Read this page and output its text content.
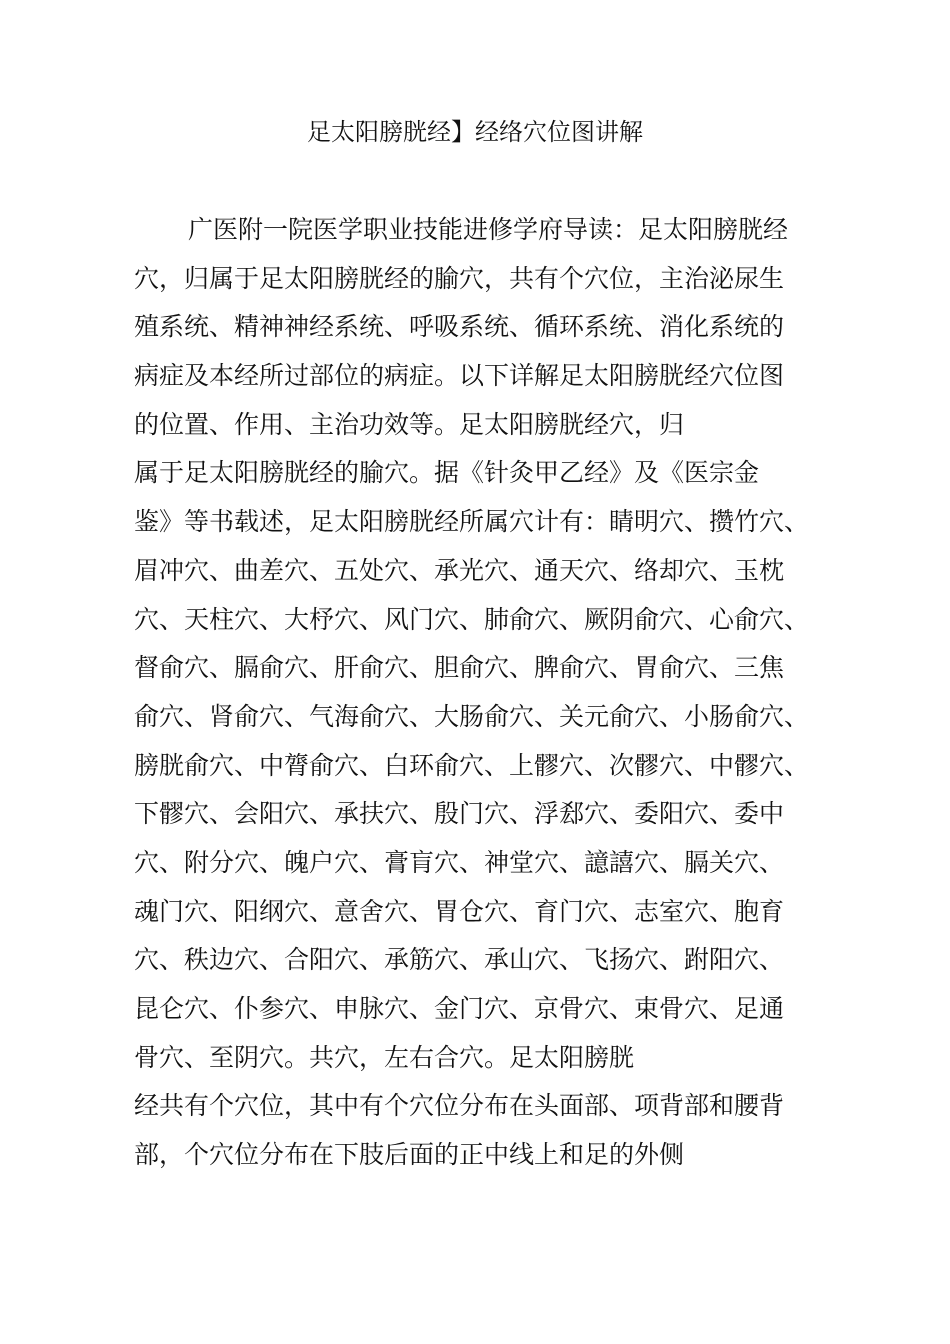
足太阳膀胱经】经络穴位图讲解
广医附一院医学职业技能进修学府导读：足太阳膀胱经
穴，归属于足太阳膀胱经的腧穴，共有个穴位，主治泌尿生
殖系统、精神神经系统、呼吸系统、循环系统、消化系统的
病症及本经所过部位的病症。以下详解足太阳膀胱经穴位图
的位置、作用、主治功效等。足太阳膀胱经穴，归
属于足太阳膀胱经的腧穴。据《针灸甲乙经》及《医宗金
鉴》等书载述，足太阳膀胱经所属穴计有：睛明穴、攒竹穴、
眉冲穴、曲差穴、五处穴、承光穴、通天穴、络却穴、玉枕
穴、天柱穴、大杼穴、风门穴、肺俞穴、厥阴俞穴、心俞穴、
督俞穴、膈俞穴、肝俞穴、胆俞穴、脾俞穴、胃俞穴、三焦
俞穴、肾俞穴、气海俞穴、大肠俞穴、关元俞穴、小肠俞穴、
膀胱俞穴、中膂俞穴、白环俞穴、上髎穴、次髎穴、中髎穴、
下髎穴、会阳穴、承扶穴、殷门穴、浮郄穴、委阳穴、委中
穴、附分穴、魄户穴、膏肓穴、神堂穴、譩譆穴、膈关穴、
魂门穴、阳纲穴、意舍穴、胃仓穴、育门穴、志室穴、胞育
穴、秩边穴、合阳穴、承筋穴、承山穴、飞扬穴、跗阳穴、
昆仑穴、仆参穴、申脉穴、金门穴、京骨穴、束骨穴、足通
骨穴、至阴穴。共穴，左右合穴。足太阳膀胱
经共有个穴位，其中有个穴位分布在头面部、项背部和腰背
部，个穴位分布在下肢后面的正中线上和足的外侧
